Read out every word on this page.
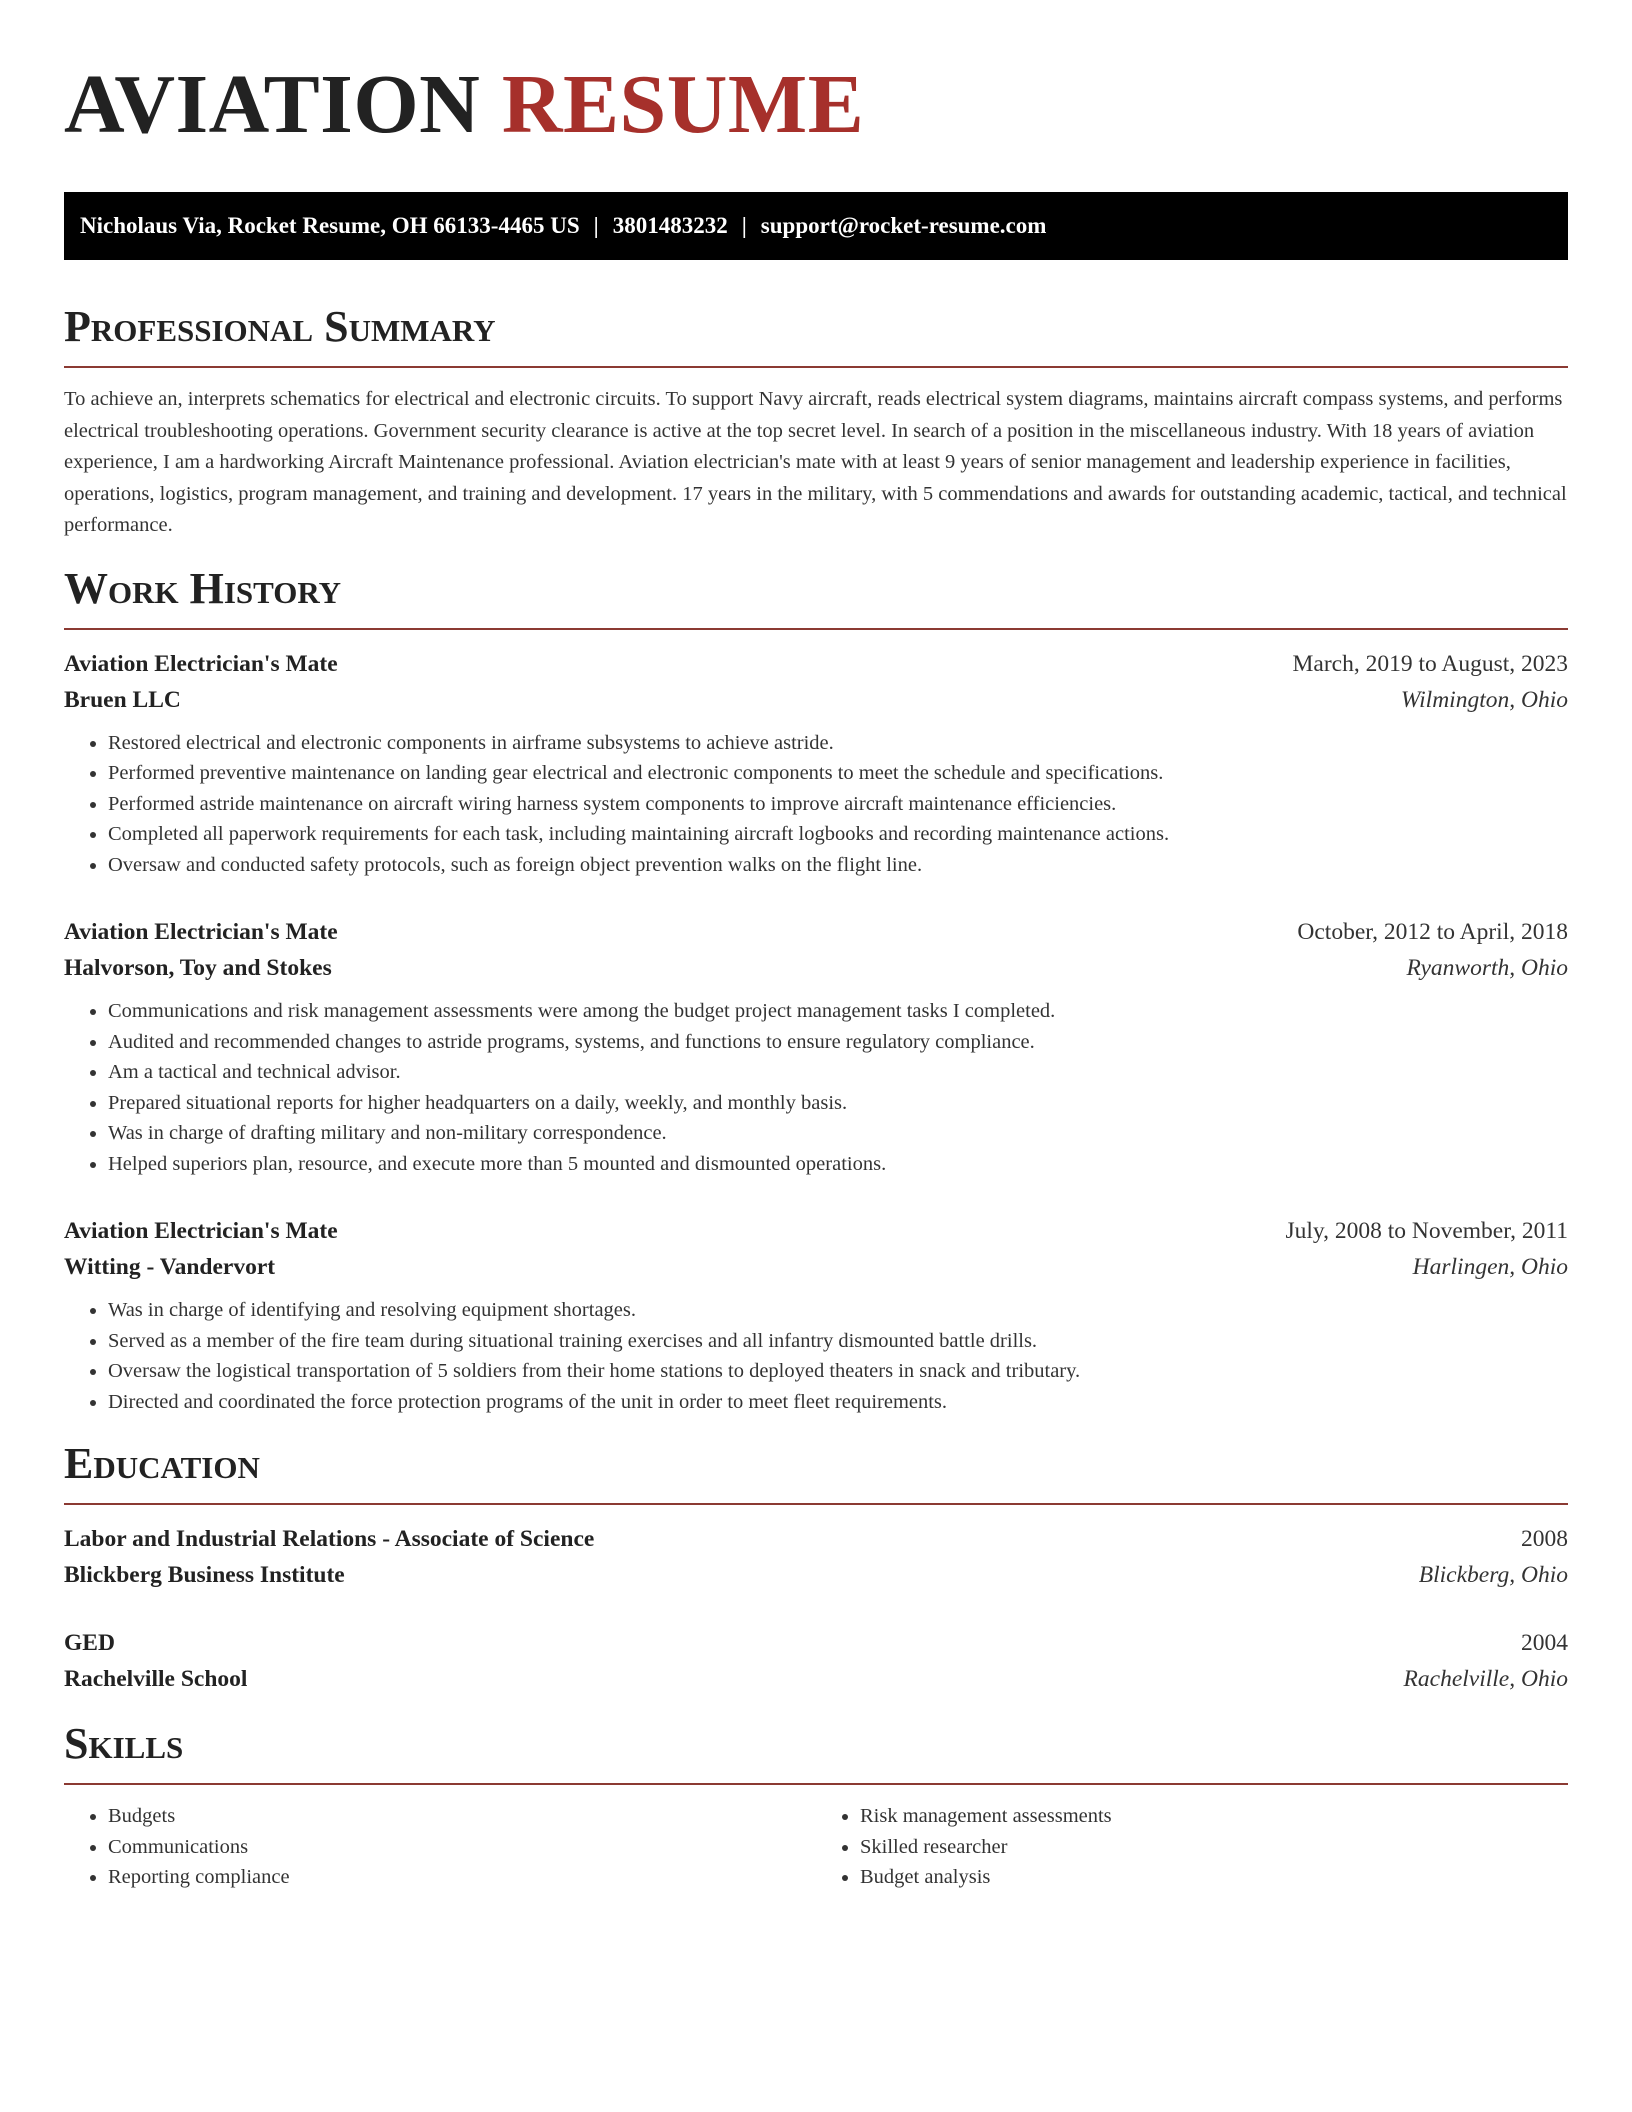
AVIATION RESUME
Nicholaus Via, Rocket Resume, OH 66133-4465 US | 3801483232 | support@rocket-resume.com
Professional Summary

To achieve an, interprets schematics for electrical and electronic circuits. To support Navy aircraft, reads electrical system diagrams, maintains aircraft compass systems, and performs electrical troubleshooting operations. Government security clearance is active at the top secret level. In search of a position in the miscellaneous industry. With 18 years of aviation experience, I am a hardworking Aircraft Maintenance professional. Aviation electrician's mate with at least 9 years of senior management and leadership experience in facilities, operations, logistics, program management, and training and development. 17 years in the military, with 5 commendations and awards for outstanding academic, tactical, and technical performance.

Work History
Aviation Electrician's Mate	March, 2019 to August, 2023
Bruen LLC	Wilmington, Ohio
• Restored electrical and electronic components in airframe subsystems to achieve astride.
• Performed preventive maintenance on landing gear electrical and electronic components to meet the schedule and specifications.
• Performed astride maintenance on aircraft wiring harness system components to improve aircraft maintenance efficiencies.
• Completed all paperwork requirements for each task, including maintaining aircraft logbooks and recording maintenance actions.
• Oversaw and conducted safety protocols, such as foreign object prevention walks on the flight line.
Aviation Electrician's Mate	October, 2012 to April, 2018
Halvorson, Toy and Stokes	Ryanworth, Ohio
• Communications and risk management assessments were among the budget project management tasks I completed.
• Audited and recommended changes to astride programs, systems, and functions to ensure regulatory compliance.
• Am a tactical and technical advisor.
• Prepared situational reports for higher headquarters on a daily, weekly, and monthly basis.
• Was in charge of drafting military and non-military correspondence.
• Helped superiors plan, resource, and execute more than 5 mounted and dismounted operations.
Aviation Electrician's Mate	July, 2008 to November, 2011
Witting - Vandervort	Harlingen, Ohio
• Was in charge of identifying and resolving equipment shortages.
• Served as a member of the fire team during situational training exercises and all infantry dismounted battle drills.
• Oversaw the logistical transportation of 5 soldiers from their home stations to deployed theaters in snack and tributary.
• Directed and coordinated the force protection programs of the unit in order to meet fleet requirements.
Education
Labor and Industrial Relations - Associate of Science	2008
Blickberg Business Institute	Blickberg, Ohio
GED	2004
Rachelville School	Rachelville, Ohio
Skills
• Budgets
• Communications
• Reporting compliance
• Risk management assessments
• Skilled researcher
• Budget analysis
